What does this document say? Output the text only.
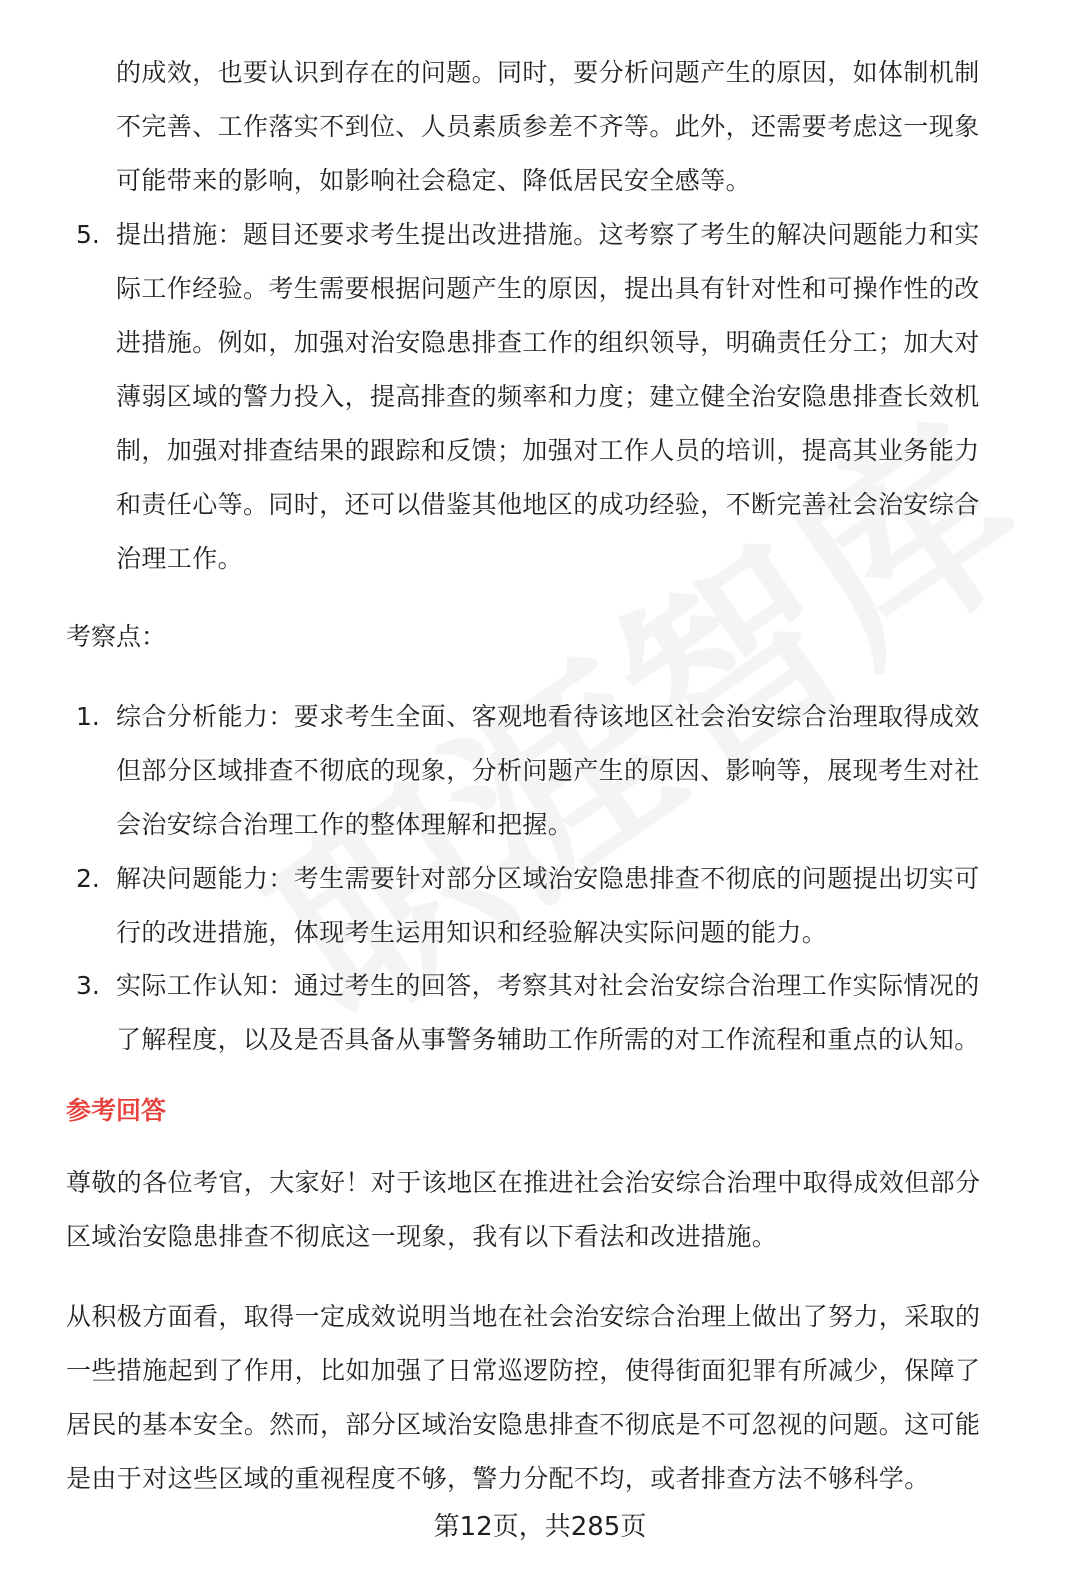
的成效，也要认识到存在的问题。同时，要分析问题产生的原因，如体制机制

不完善、工作落实不到位、人员素质参差不齐等。此外，还需要考虑这一现象

可能带来的影响，如影响社会稳定、降低居民安全感等。

5. 提出措施：题目还要求考生提出改进措施。这考察了考生的解决问题能力和实

际工作经验。考生需要根据问题产生的原因，提出具有针对性和可操作性的改

进措施。例如，加强对治安隐患排查工作的组织领导，明确责任分工；加大对

薄弱区域的警力投入，提高排查的频率和力度；建立健全治安隐患排查长效机

制，加强对排查结果的跟踪和反馈；加强对工作人员的培训，提高其业务能力

和责任心等。同时，还可以借鉴其他地区的成功经验，不断完善社会治安综合

治理工作。

考察点：
1. 综合分析能力：要求考生全面、客观地看待该地区社会治安综合治理取得成效

但部分区域排查不彻底的现象，分析问题产生的原因、影响等，展现考生对社

会治安综合治理工作的整体理解和把握。

2. 解决问题能力：考生需要针对部分区域治安隐患排查不彻底的问题提出切实可

行的改进措施，体现考生运用知识和经验解决实际问题的能力。

3. 实际工作认知：通过考生的回答，考察其对社会治安综合治理工作实际情况的

了解程度，以及是否具备从事警务辅助工作所需的对工作流程和重点的认知。

参考回答

尊敬的各位考官，大家好！对于该地区在推进社会治安综合治理中取得成效但部分

区域治安隐患排查不彻底这一现象，我有以下看法和改进措施。

从积极方面看，取得一定成效说明当地在社会治安综合治理上做出了努力，采取的

一些措施起到了作用，比如加强了日常巡逻防控，使得街面犯罪有所减少，保障了

居民的基本安全。然而，部分区域治安隐患排查不彻底是不可忽视的问题。这可能

是由于对这些区域的重视程度不够，警力分配不均，或者排查方法不够科学。

第12页，共285页
